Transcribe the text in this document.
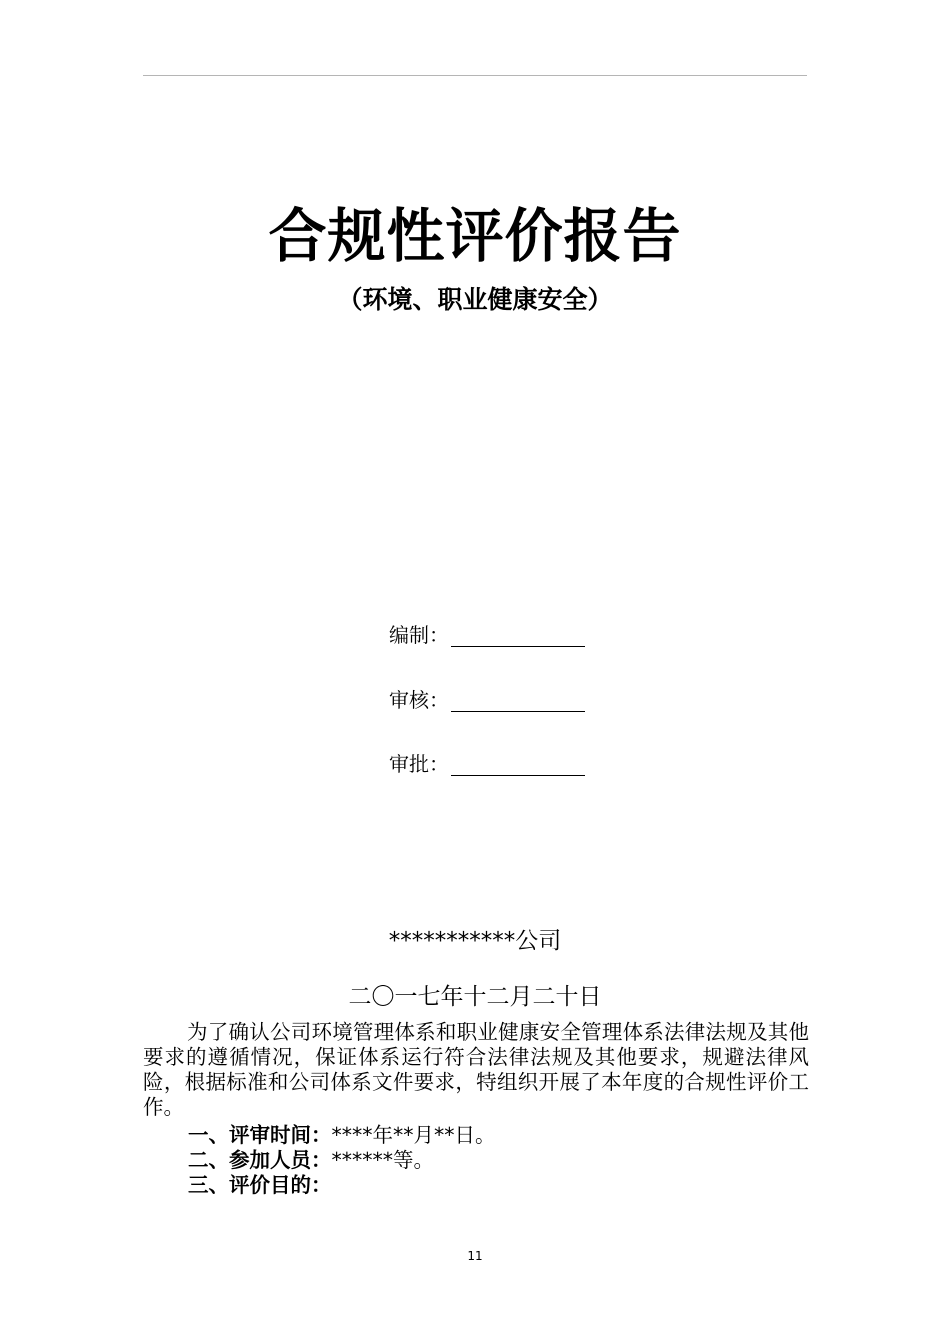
合规性评价报告
（环境、职业健康安全）
编制：
审核：
审批：
***********公司
二〇一七年十二月二十日
为了确认公司环境管理体系和职业健康安全管理体系法律法规及其他要求的遵循情况，保证体系运行符合法律法规及其他要求，规避法律风险，根据标准和公司体系文件要求，特组织开展了本年度的合规性评价工作。
一、评审时间：****年**月**日。
二、参加人员：******等。
三、评价目的：
11
